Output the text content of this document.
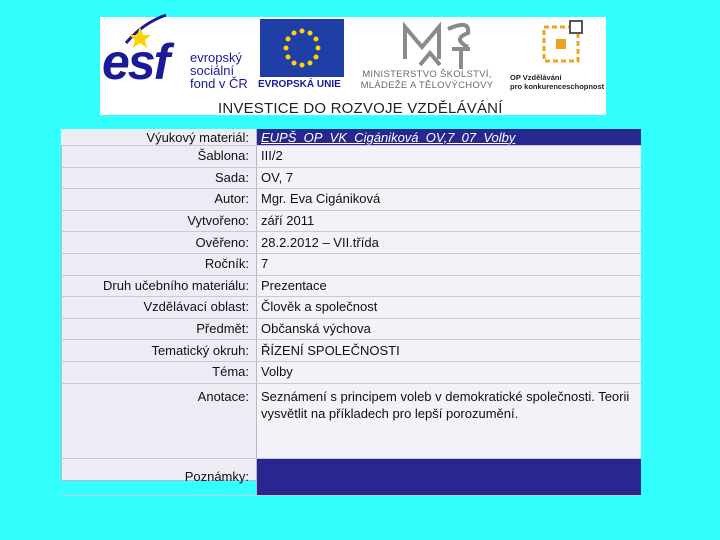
esf evropský
sociální
fond v ČR EVROPSKÁ UNIE
MINISTERSTVO ŠKOLSTVÍ,
MLÁDEŽE A TĚLOVÝCHOVY
OP Vzdělávání
pro konkurenceschopnost
INVESTICE DO ROZVOJE VZDĚLÁVÁNÍ
Výukový materiál:	EUPŠ_OP_VK_Cigániková_OV,7_07_Volby
Šablona:	III/2
Sada:	OV, 7
Autor:	Mgr. Eva Cigániková
Vytvořeno:	září 2011
Ověřeno:	28.2.2012 – VII.třída
Ročník:	7
Druh učebního materiálu:	Prezentace
Vzdělávací oblast:	Člověk a společnost
Předmět:	Občanská výchova
Tematický okruh:	ŘÍZENÍ SPOLEČNOSTI
Téma:	Volby
Anotace:	Seznámení s principem voleb v demokratické společnosti. Teorii vysvětlit na příkladech pro lepší porozumění.
Poznámky:	
